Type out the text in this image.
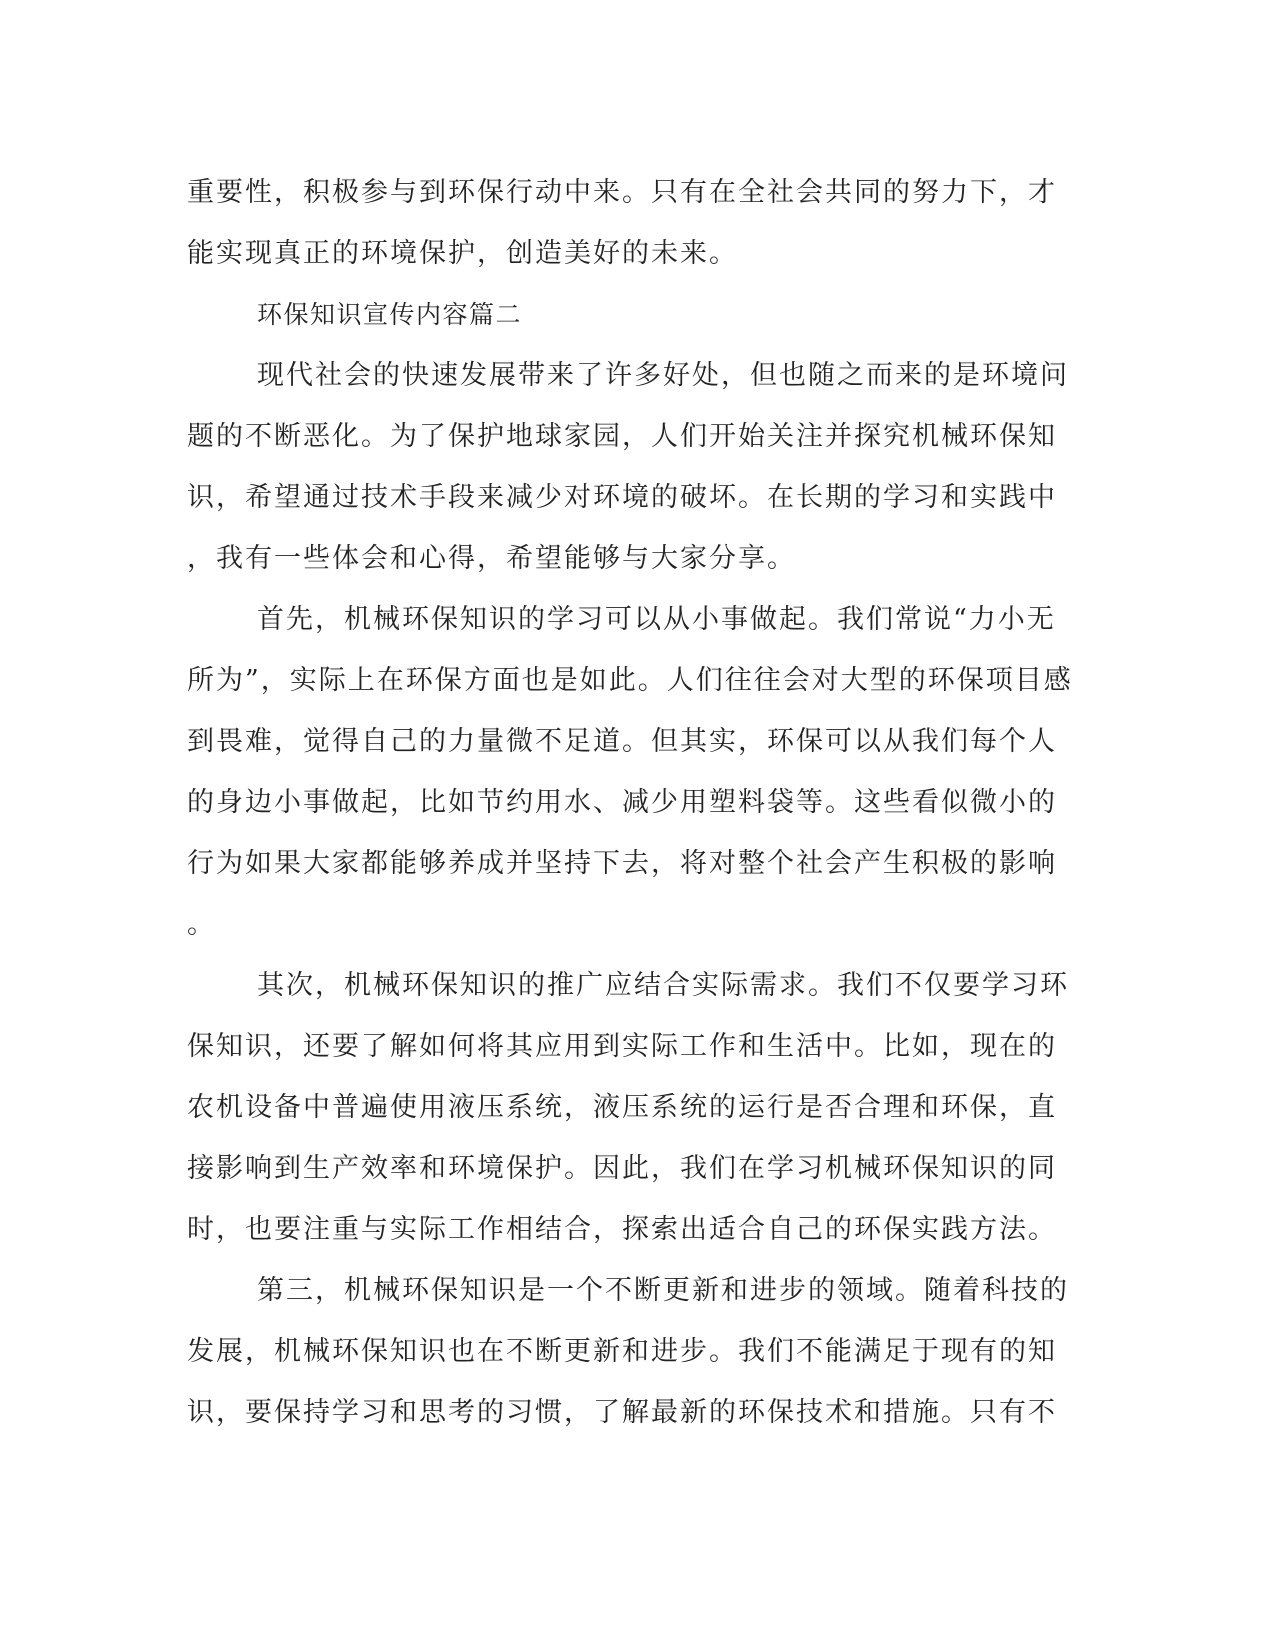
重要性，积极参与到环保行动中来。只有在全社会共同的努力下，才
能实现真正的环境保护，创造美好的未来。
环保知识宣传内容篇二
现代社会的快速发展带来了许多好处，但也随之而来的是环境问
题的不断恶化。为了保护地球家园，人们开始关注并探究机械环保知
识，希望通过技术手段来减少对环境的破坏。在长期的学习和实践中
，我有一些体会和心得，希望能够与大家分享。
首先，机械环保知识的学习可以从小事做起。我们常说“力小无
所为”，实际上在环保方面也是如此。人们往往会对大型的环保项目感
到畏难，觉得自己的力量微不足道。但其实，环保可以从我们每个人
的身边小事做起，比如节约用水、减少用塑料袋等。这些看似微小的
行为如果大家都能够养成并坚持下去，将对整个社会产生积极的影响
。
其次，机械环保知识的推广应结合实际需求。我们不仅要学习环
保知识，还要了解如何将其应用到实际工作和生活中。比如，现在的
农机设备中普遍使用液压系统，液压系统的运行是否合理和环保，直
接影响到生产效率和环境保护。因此，我们在学习机械环保知识的同
时，也要注重与实际工作相结合，探索出适合自己的环保实践方法。
第三，机械环保知识是一个不断更新和进步的领域。随着科技的
发展，机械环保知识也在不断更新和进步。我们不能满足于现有的知
识，要保持学习和思考的习惯，了解最新的环保技术和措施。只有不
